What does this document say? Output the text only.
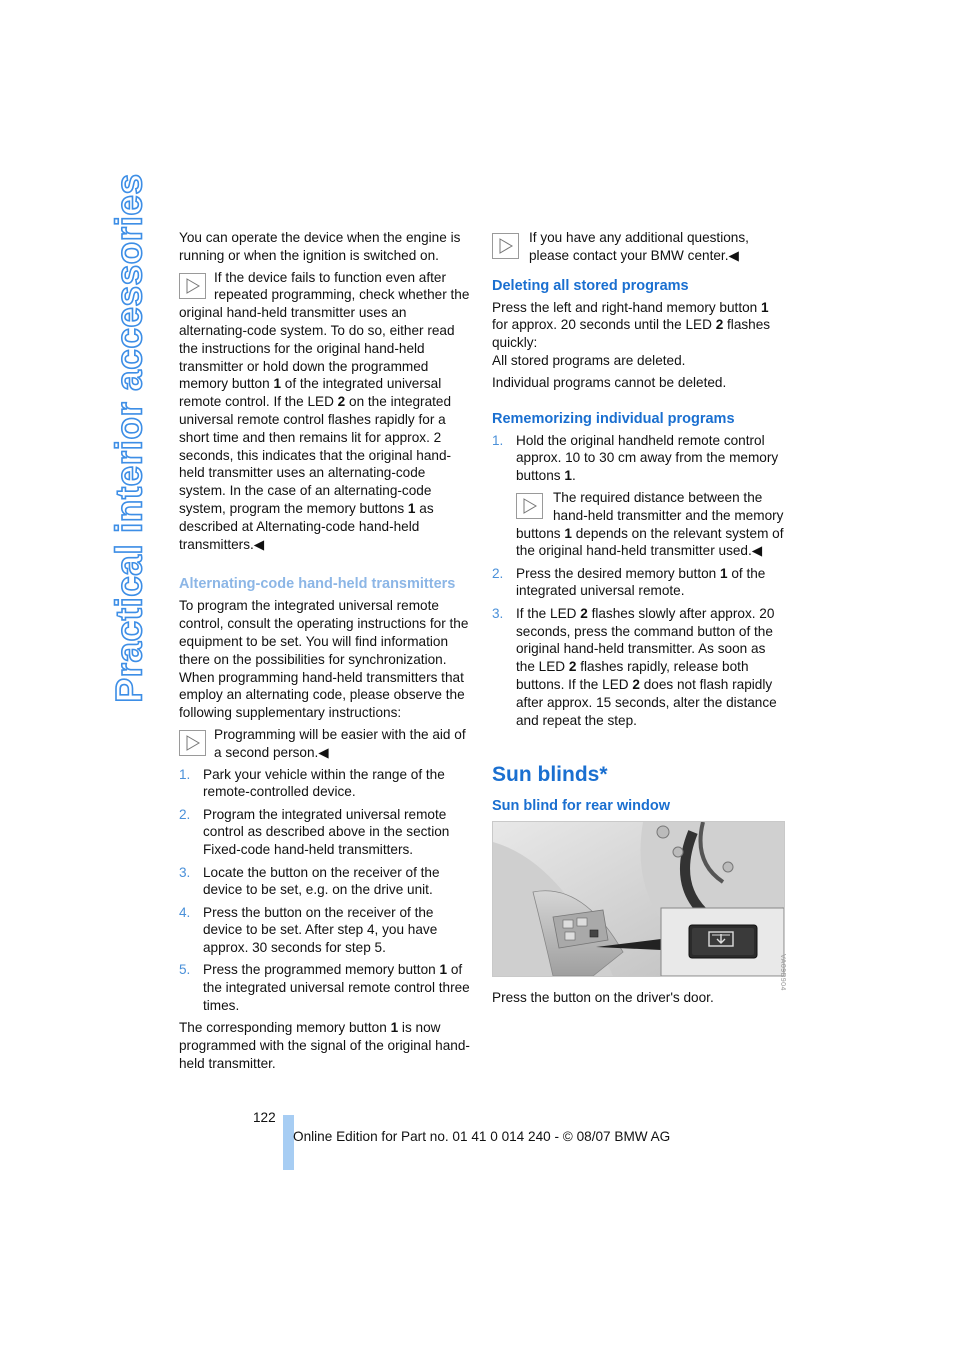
Practical interior accessories You can operate the device when the engine is running or when the ignition is switched on.

If the device fails to function even after repeated programming, check whether the original hand-held transmitter uses an alternating-code system. To do so, either read the instructions for the original hand-held transmitter or hold down the programmed memory button 1 of the integrated universal remote control. If the LED 2 on the integrated universal remote control flashes rapidly for a short time and then remains lit for approx. 2 seconds, this indicates that the original hand-held transmitter uses an alternating-code system. In the case of an alternating-code system, program the memory buttons 1 as described at Alternating-code hand-held transmitters.◀

Alternating-code hand-held transmitters

To program the integrated universal remote control, consult the operating instructions for the equipment to be set. You will find information there on the possibilities for synchronization.

When programming hand-held transmitters that employ an alternating code, please observe the following supplementary instructions:

Programming will be easier with the aid of a second person.◀

1. Park your vehicle within the range of the remote-controlled device.
2. Program the integrated universal remote control as described above in the section Fixed-code hand-held transmitters.
3. Locate the button on the receiver of the device to be set, e.g. on the drive unit.
4. Press the button on the receiver of the device to be set. After step 4, you have approx. 30 seconds for step 5.
5. Press the programmed memory button 1 of the integrated universal remote control three times.

The corresponding memory button 1 is now programmed with the signal of the original hand-held transmitter.

If you have any additional questions, please contact your BMW center.◀

Deleting all stored programs

Press the left and right-hand memory button 1 for approx. 20 seconds until the LED 2 flashes quickly:

All stored programs are deleted.

Individual programs cannot be deleted.

Rememorizing individual programs
1. Hold the original handheld remote control approx. 10 to 30 cm away from the memory buttons 1.

The required distance between the hand-held transmitter and the memory buttons 1 depends on the relevant system of the original hand-held transmitter used.◀

2. Press the desired memory button 1 of the integrated universal remote.
3. If the LED 2 flashes slowly after approx. 20 seconds, press the command button of the original hand-held transmitter. As soon as the LED 2 flashes rapidly, release both buttons. If the LED 2 does not flash rapidly after approx. 15 seconds, alter the distance and repeat the step.
Sun blinds*
Sun blind for rear window

Press the button on the driver's door.

VA09B904
122
Online Edition for Part no. 01 41 0 014 240 - © 08/07 BMW AG
